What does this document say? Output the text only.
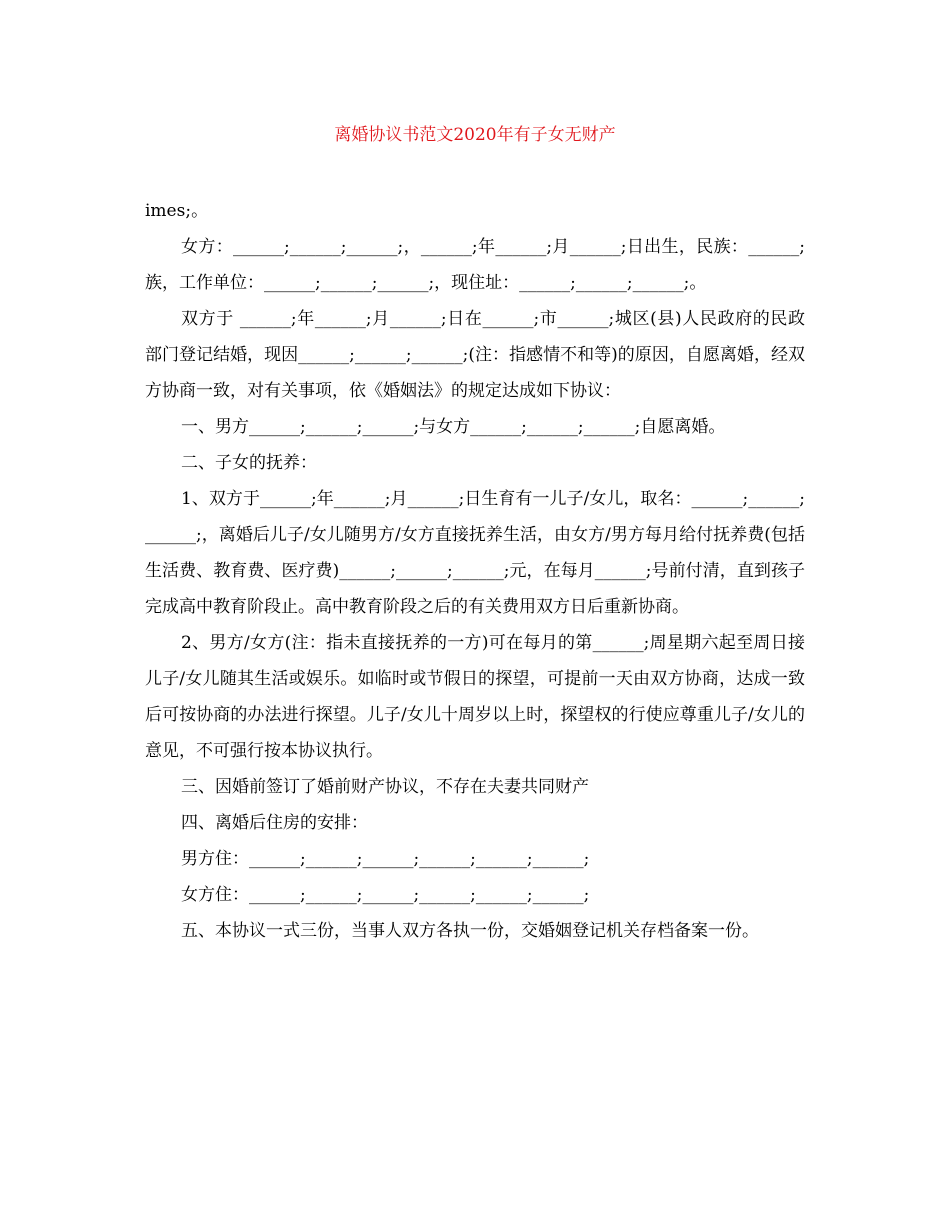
离婚协议书范文2020年有子女无财产

imes;。

女方：______;______;______;，______;年______;月______;日出生，民族：______;族，工作单位：______;______;______;，现住址：______;______;______;。

双方于 ______;年______;月______;日在______;市______;城区(县)人民政府的民政部门登记结婚，现因______;______;______;(注：指感情不和等)的原因，自愿离婚，经双方协商一致，对有关事项，依《婚姻法》的规定达成如下协议：

一、男方______;______;______;与女方______;______;______;自愿离婚。

二、子女的抚养：

1、双方于______;年______;月______;日生育有一儿子/女儿，取名：______;______;______;，离婚后儿子/女儿随男方/女方直接抚养生活，由女方/男方每月给付抚养费(包括生活费、教育费、医疗费)______;______;______;元，在每月______;号前付清，直到孩子完成高中教育阶段止。高中教育阶段之后的有关费用双方日后重新协商。

2、男方/女方(注：指未直接抚养的一方)可在每月的第______;周星期六起至周日接儿子/女儿随其生活或娱乐。如临时或节假日的探望，可提前一天由双方协商，达成一致后可按协商的办法进行探望。儿子/女儿十周岁以上时，探望权的行使应尊重儿子/女儿的意见，不可强行按本协议执行。

三、因婚前签订了婚前财产协议，不存在夫妻共同财产

四、离婚后住房的安排：

男方住：______;______;______;______;______;______;

女方住：______;______;______;______;______;______;

五、本协议一式三份，当事人双方各执一份，交婚姻登记机关存档备案一份。
